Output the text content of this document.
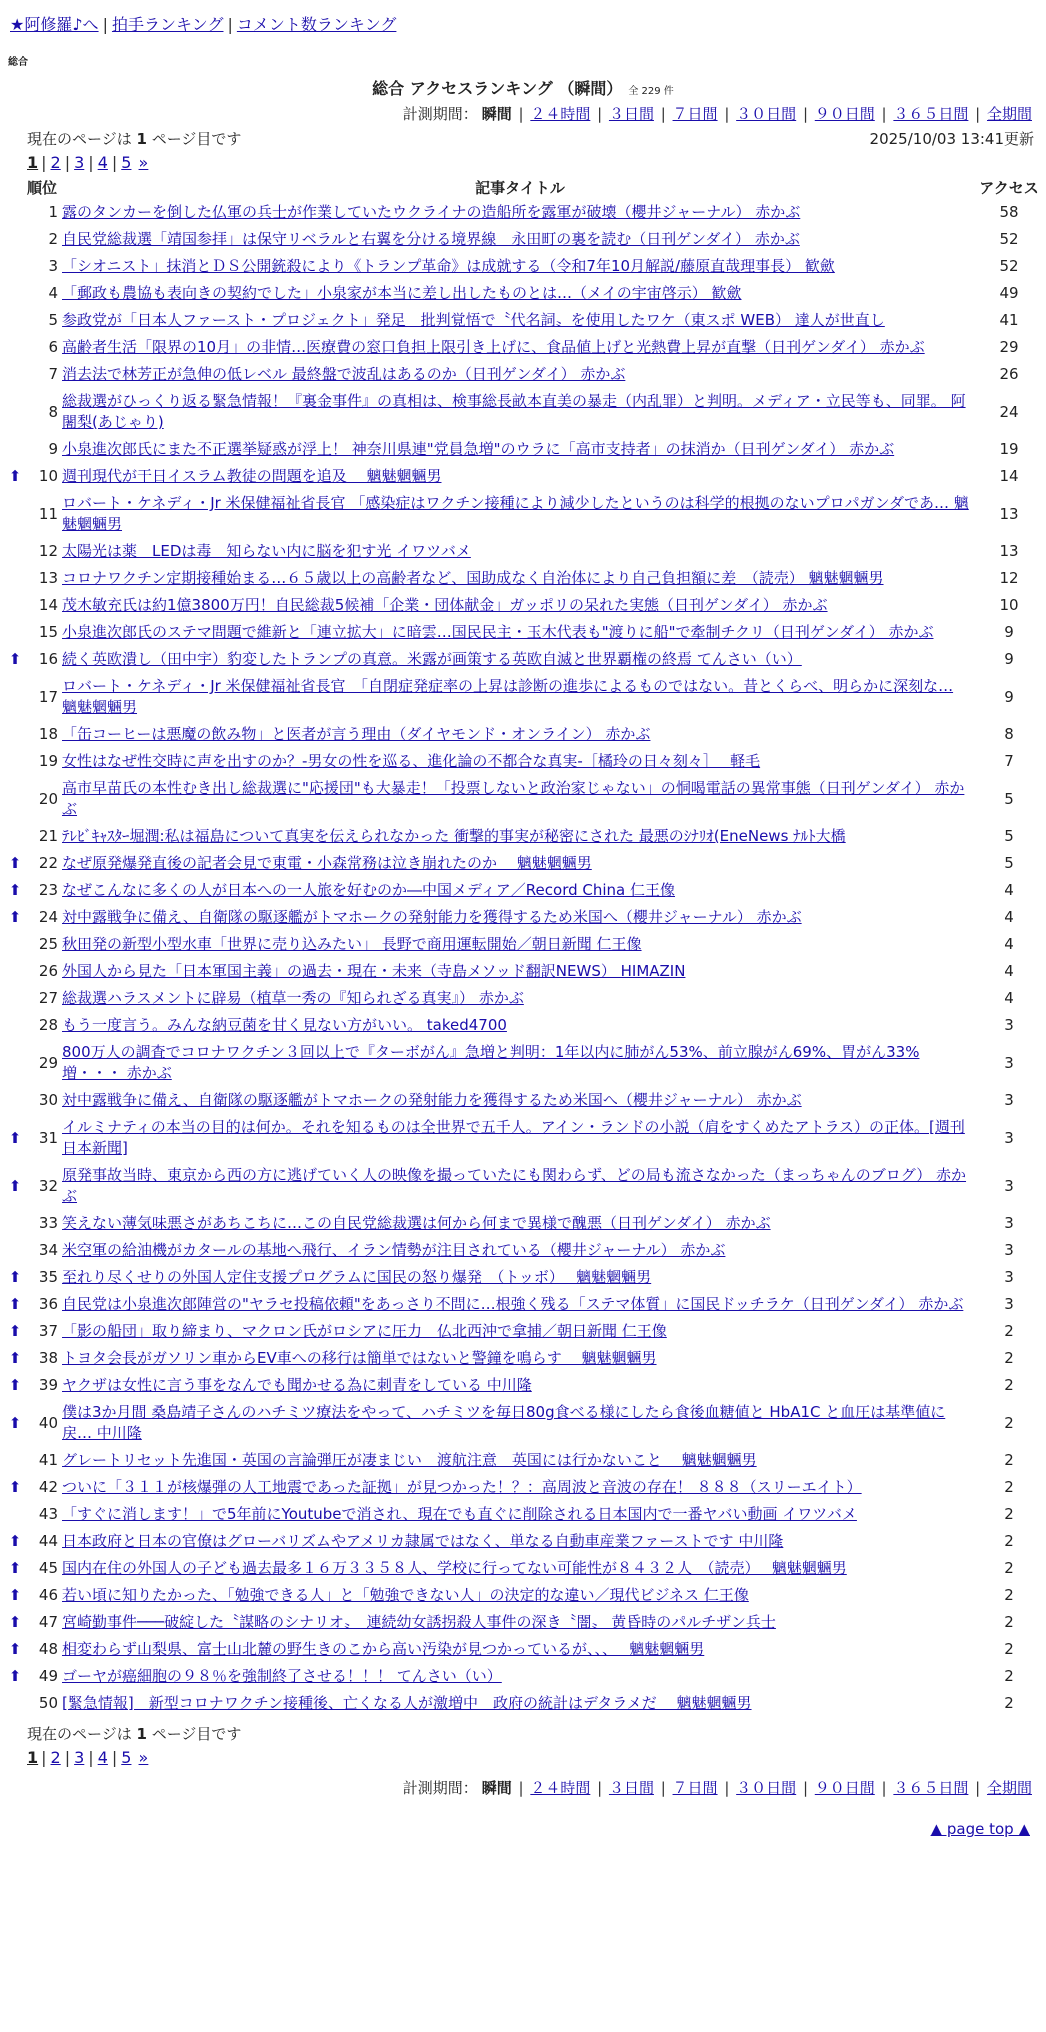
★阿修羅♪へ | 拍手ランキング | コメント数ランキング
総合
総合 アクセスランキング （瞬間） 全 229 件
計測期間： 瞬間 | ２４時間 | ３日間 | ７日間 | ３０日間 | ９０日間 | ３６５日間 | 全期間
現在のページは 1 ページ目です	2025/10/03 13:41更新
1 | 2 | 3 | 4 | 5 »
	順位	記事タイトル	アクセス
	1	露のタンカーを倒した仏軍の兵士が作業していたウクライナの造船所を露軍が破壊（櫻井ジャーナル） 赤かぶ	58
	2	自民党総裁選「靖国参拝」は保守リベラルと右翼を分ける境界線　永田町の裏を読む（日刊ゲンダイ） 赤かぶ	52
	3	「シオニスト」抹消とＤＳ公開銃殺により《トランプ革命》は成就する（令和7年10月解説/藤原直哉理事長） 歓歛	52
	4	「郵政も農協も表向きの契約でした」小泉家が本当に差し出したものとは…（メイの宇宙啓示） 歓歛	49
	5	参政党が「日本人ファースト・プロジェクト」発足　批判覚悟で〝代名詞〟を使用したワケ（東スポ WEB） 達人が世直し	41
	6	高齢者生活「限界の10月」の非情…医療費の窓口負担上限引き上げに、食品値上げと光熱費上昇が直撃（日刊ゲンダイ） 赤かぶ	29
	7	消去法で林芳正が急伸の低レベル 最終盤で波乱はあるのか（日刊ゲンダイ） 赤かぶ	26
	8	総裁選がひっくり返る緊急情報！『裏金事件』の真相は、検事総長畝本直美の暴走（内乱罪）と判明。メディア・立民等も、同罪。 阿闍梨(あじゃり)	24
	9	小泉進次郎氏にまた不正選挙疑惑が浮上！ 神奈川県連"党員急増"のウラに「高市支持者」の抹消か（日刊ゲンダイ） 赤かぶ	19
⬆	10	週刊現代が干日イスラム教徒の問題を追及　 魑魅魍魎男	14
	11	ロバート・ケネディ・Jr 米保健福祉省長官 「感染症はワクチン接種により減少したというのは科学的根拠のないプロパガンダであ… 魑魅魍魎男	13
	12	太陽光は薬　LEDは毒　知らない内に脳を犯す光 イワツバメ	13
	13	コロナワクチン定期接種始まる…６５歳以上の高齢者など、国助成なく自治体により自己負担額に差　（読売） 魑魅魍魎男	12
	14	茂木敏充氏は約1億3800万円！自民総裁5候補「企業・団体献金」ガッポリの呆れた実態（日刊ゲンダイ） 赤かぶ	10
	15	小泉進次郎氏のステマ問題で維新と「連立拡大」に暗雲…国民民主・玉木代表も"渡りに船"で牽制チクリ（日刊ゲンダイ） 赤かぶ	9
⬆	16	続く英欧潰し（田中宇）豹変したトランプの真意。米露が画策する英欧自滅と世界覇権の終焉 てんさい（い）	9
	17	ロバート・ケネディ・Jr 米保健福祉省長官　「自閉症発症率の上昇は診断の進歩によるものではない。昔とくらべ、明らかに深刻な… 魑魅魍魎男	9
	18	「缶コーヒーは悪魔の飲み物」と医者が言う理由（ダイヤモンド・オンライン） 赤かぶ	8
	19	女性はなぜ性交時に声を出すのか？-男女の性を巡る、進化論の不都合な真実-［橘玲の日々刻々］　 軽毛	7
	20	高市早苗氏の本性むき出し総裁選に"応援団"も大暴走！「投票しないと政治家じゃない」の恫喝電話の異常事態（日刊ゲンダイ） 赤かぶ	5
	21	ﾃﾚﾋﾞｷｬｽﾀｰ堀潤:私は福島について真実を伝えられなかった 衝撃的事実が秘密にされた 最悪のｼﾅﾘｵ(EneNews ﾅﾙﾄ大橋	5
⬆	22	なぜ原発爆発直後の記者会見で東電・小森常務は泣き崩れたのか　 魑魅魍魎男	5
⬆	23	なぜこんなに多くの人が日本への一人旅を好むのか―中国メディア／Record China 仁王像	4
⬆	24	対中露戦争に備え、自衛隊の駆逐艦がトマホークの発射能力を獲得するため米国へ（櫻井ジャーナル） 赤かぶ	4
	25	秋田発の新型小型水車「世界に売り込みたい」 長野で商用運転開始／朝日新聞 仁王像	4
	26	外国人から見た「日本軍国主義」の過去・現在・未来（寺島メソッド翻訳NEWS） HIMAZIN	4
	27	総裁選ハラスメントに辟易（植草一秀の『知られざる真実』） 赤かぶ	4
	28	もう一度言う。みんな納豆菌を甘く見ない方がいい。 taked4700	3
	29	800万人の調査でコロナワクチン３回以上で『ターボがん』急増と判明：1年以内に肺がん53%、前立腺がん69%、胃がん33%増・・・ 赤かぶ	3
	30	対中露戦争に備え、自衛隊の駆逐艦がトマホークの発射能力を獲得するため米国へ（櫻井ジャーナル） 赤かぶ	3
⬆	31	イルミナティの本当の目的は何か。それを知るものは全世界で五千人。アイン・ランドの小説（肩をすくめたアトラス）の正体。[週刊日本新聞]	3
⬆	32	原発事故当時、東京から西の方に逃げていく人の映像を撮っていたにも関わらず、どの局も流さなかった（まっちゃんのブログ） 赤かぶ	3
	33	笑えない薄気味悪さがあちこちに…この自民党総裁選は何から何まで異様で醜悪（日刊ゲンダイ） 赤かぶ	3
	34	米空軍の給油機がカタールの基地へ飛行、イラン情勢が注目されている（櫻井ジャーナル） 赤かぶ	3
⬆	35	至れり尽くせりの外国人定住支援プログラムに国民の怒り爆発　（トッボ）　 魑魅魍魎男	3
⬆	36	自民党は小泉進次郎陣営の"ヤラセ投稿依頼"をあっさり不問に…根強く残る「ステマ体質」に国民ドッチラケ（日刊ゲンダイ） 赤かぶ	3
⬆	37	「影の船団」取り締まり、マクロン氏がロシアに圧力　仏北西沖で拿捕／朝日新聞 仁王像	2
⬆	38	トヨタ会長がガソリン車からEV車への移行は簡単ではないと警鐘を鳴らす　 魑魅魍魎男	2
⬆	39	ヤクザは女性に言う事をなんでも聞かせる為に刺青をしている 中川隆	2
⬆	40	僕は3か月間 桑島靖子さんのハチミツ療法をやって、ハチミツを毎日80g食べる様にしたら食後血糖値と HbA1C と血圧は基準値に戻… 中川隆	2
	41	グレートリセット先進国・英国の言論弾圧が凄まじい　渡航注意　英国には行かないこと　 魑魅魍魎男	2
⬆	42	ついに「３１１が核爆弾の人工地震であった証拠」が見つかった！？：高周波と音波の存在！ ８８８（スリーエイト）	2
	43	「すぐに消します！」で5年前にYoutubeで消され、現在でも直ぐに削除される日本国内で一番ヤバい動画 イワツバメ	2
⬆	44	日本政府と日本の官僚はグローバリズムやアメリカ隷属ではなく、単なる自動車産業ファーストです 中川隆	2
⬆	45	国内在住の外国人の子ども過去最多１６万３３５８人、学校に行ってない可能性が８４３２人　（読売）　 魑魅魍魎男	2
⬆	46	若い頃に知りたかった、「勉強できる人」と「勉強できない人」の決定的な違い／現代ビジネス 仁王像	2
⬆	47	宮崎勤事件───破綻した〝謀略のシナリオ〟　連続幼女誘拐殺人事件の深き〝闇〟 黄昏時のパルチザン兵士	2
⬆	48	相変わらず山梨県、富士山北麓の野生きのこから高い汚染が見つかっているが、、、　 魑魅魍魎男	2
⬆	49	ゴーヤが癌細胞の９８％を強制終了させる！！！ てんさい（い）	2
	50	[緊急情報]　新型コロナワクチン接種後、亡くなる人が激増中　政府の統計はデタラメだ　 魑魅魍魎男	2
現在のページは 1 ページ目です
1 | 2 | 3 | 4 | 5 »
計測期間： 瞬間 | ２４時間 | ３日間 | ７日間 | ３０日間 | ９０日間 | ３６５日間 | 全期間
▲ page top ▲
